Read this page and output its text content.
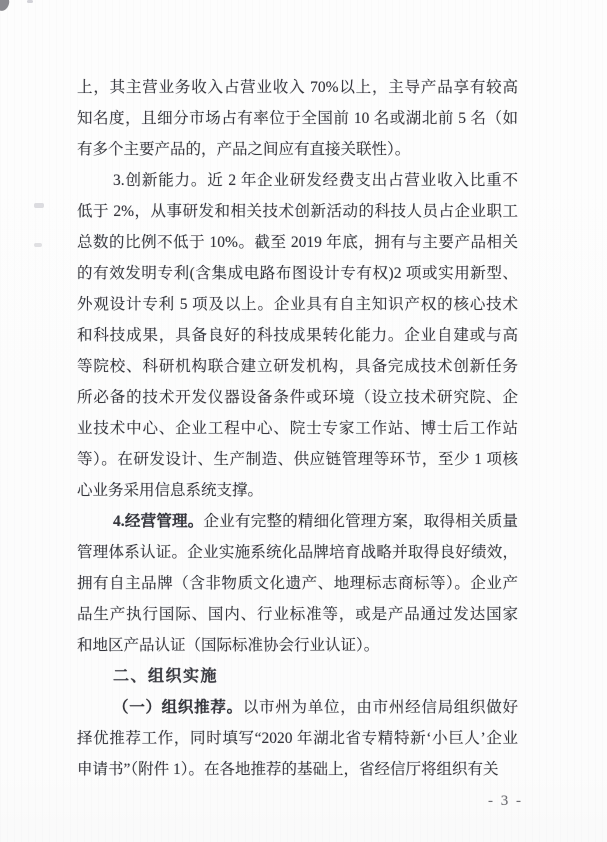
上，其主营业务收入占营业收入 70%以上，主导产品享有较高
知名度，且细分市场占有率位于全国前 10 名或湖北前 5 名（如
有多个主要产品的，产品之间应有直接关联性）。
3.创新能力。近 2 年企业研发经费支出占营业收入比重不
低于 2%，从事研发和相关技术创新活动的科技人员占企业职工
总数的比例不低于 10%。截至 2019 年底，拥有与主要产品相关
的有效发明专利(含集成电路布图设计专有权)2 项或实用新型、
外观设计专利 5 项及以上。企业具有自主知识产权的核心技术
和科技成果，具备良好的科技成果转化能力。企业自建或与高
等院校、科研机构联合建立研发机构，具备完成技术创新任务
所必备的技术开发仪器设备条件或环境（设立技术研究院、企
业技术中心、企业工程中心、院士专家工作站、博士后工作站
等）。在研发设计、生产制造、供应链管理等环节，至少 1 项核
心业务采用信息系统支撑。
4.经营管理。企业有完整的精细化管理方案，取得相关质量
管理体系认证。企业实施系统化品牌培育战略并取得良好绩效，
拥有自主品牌（含非物质文化遗产、地理标志商标等）。企业产
品生产执行国际、国内、行业标准等，或是产品通过发达国家
和地区产品认证（国际标准协会行业认证）。
二、组织实施
（一）组织推荐。以市州为单位，由市州经信局组织做好
择优推荐工作，同时填写“2020 年湖北省专精特新‘小巨人’企业
申请书”（附件 1）。在各地推荐的基础上，省经信厅将组织有关
- 3 -
